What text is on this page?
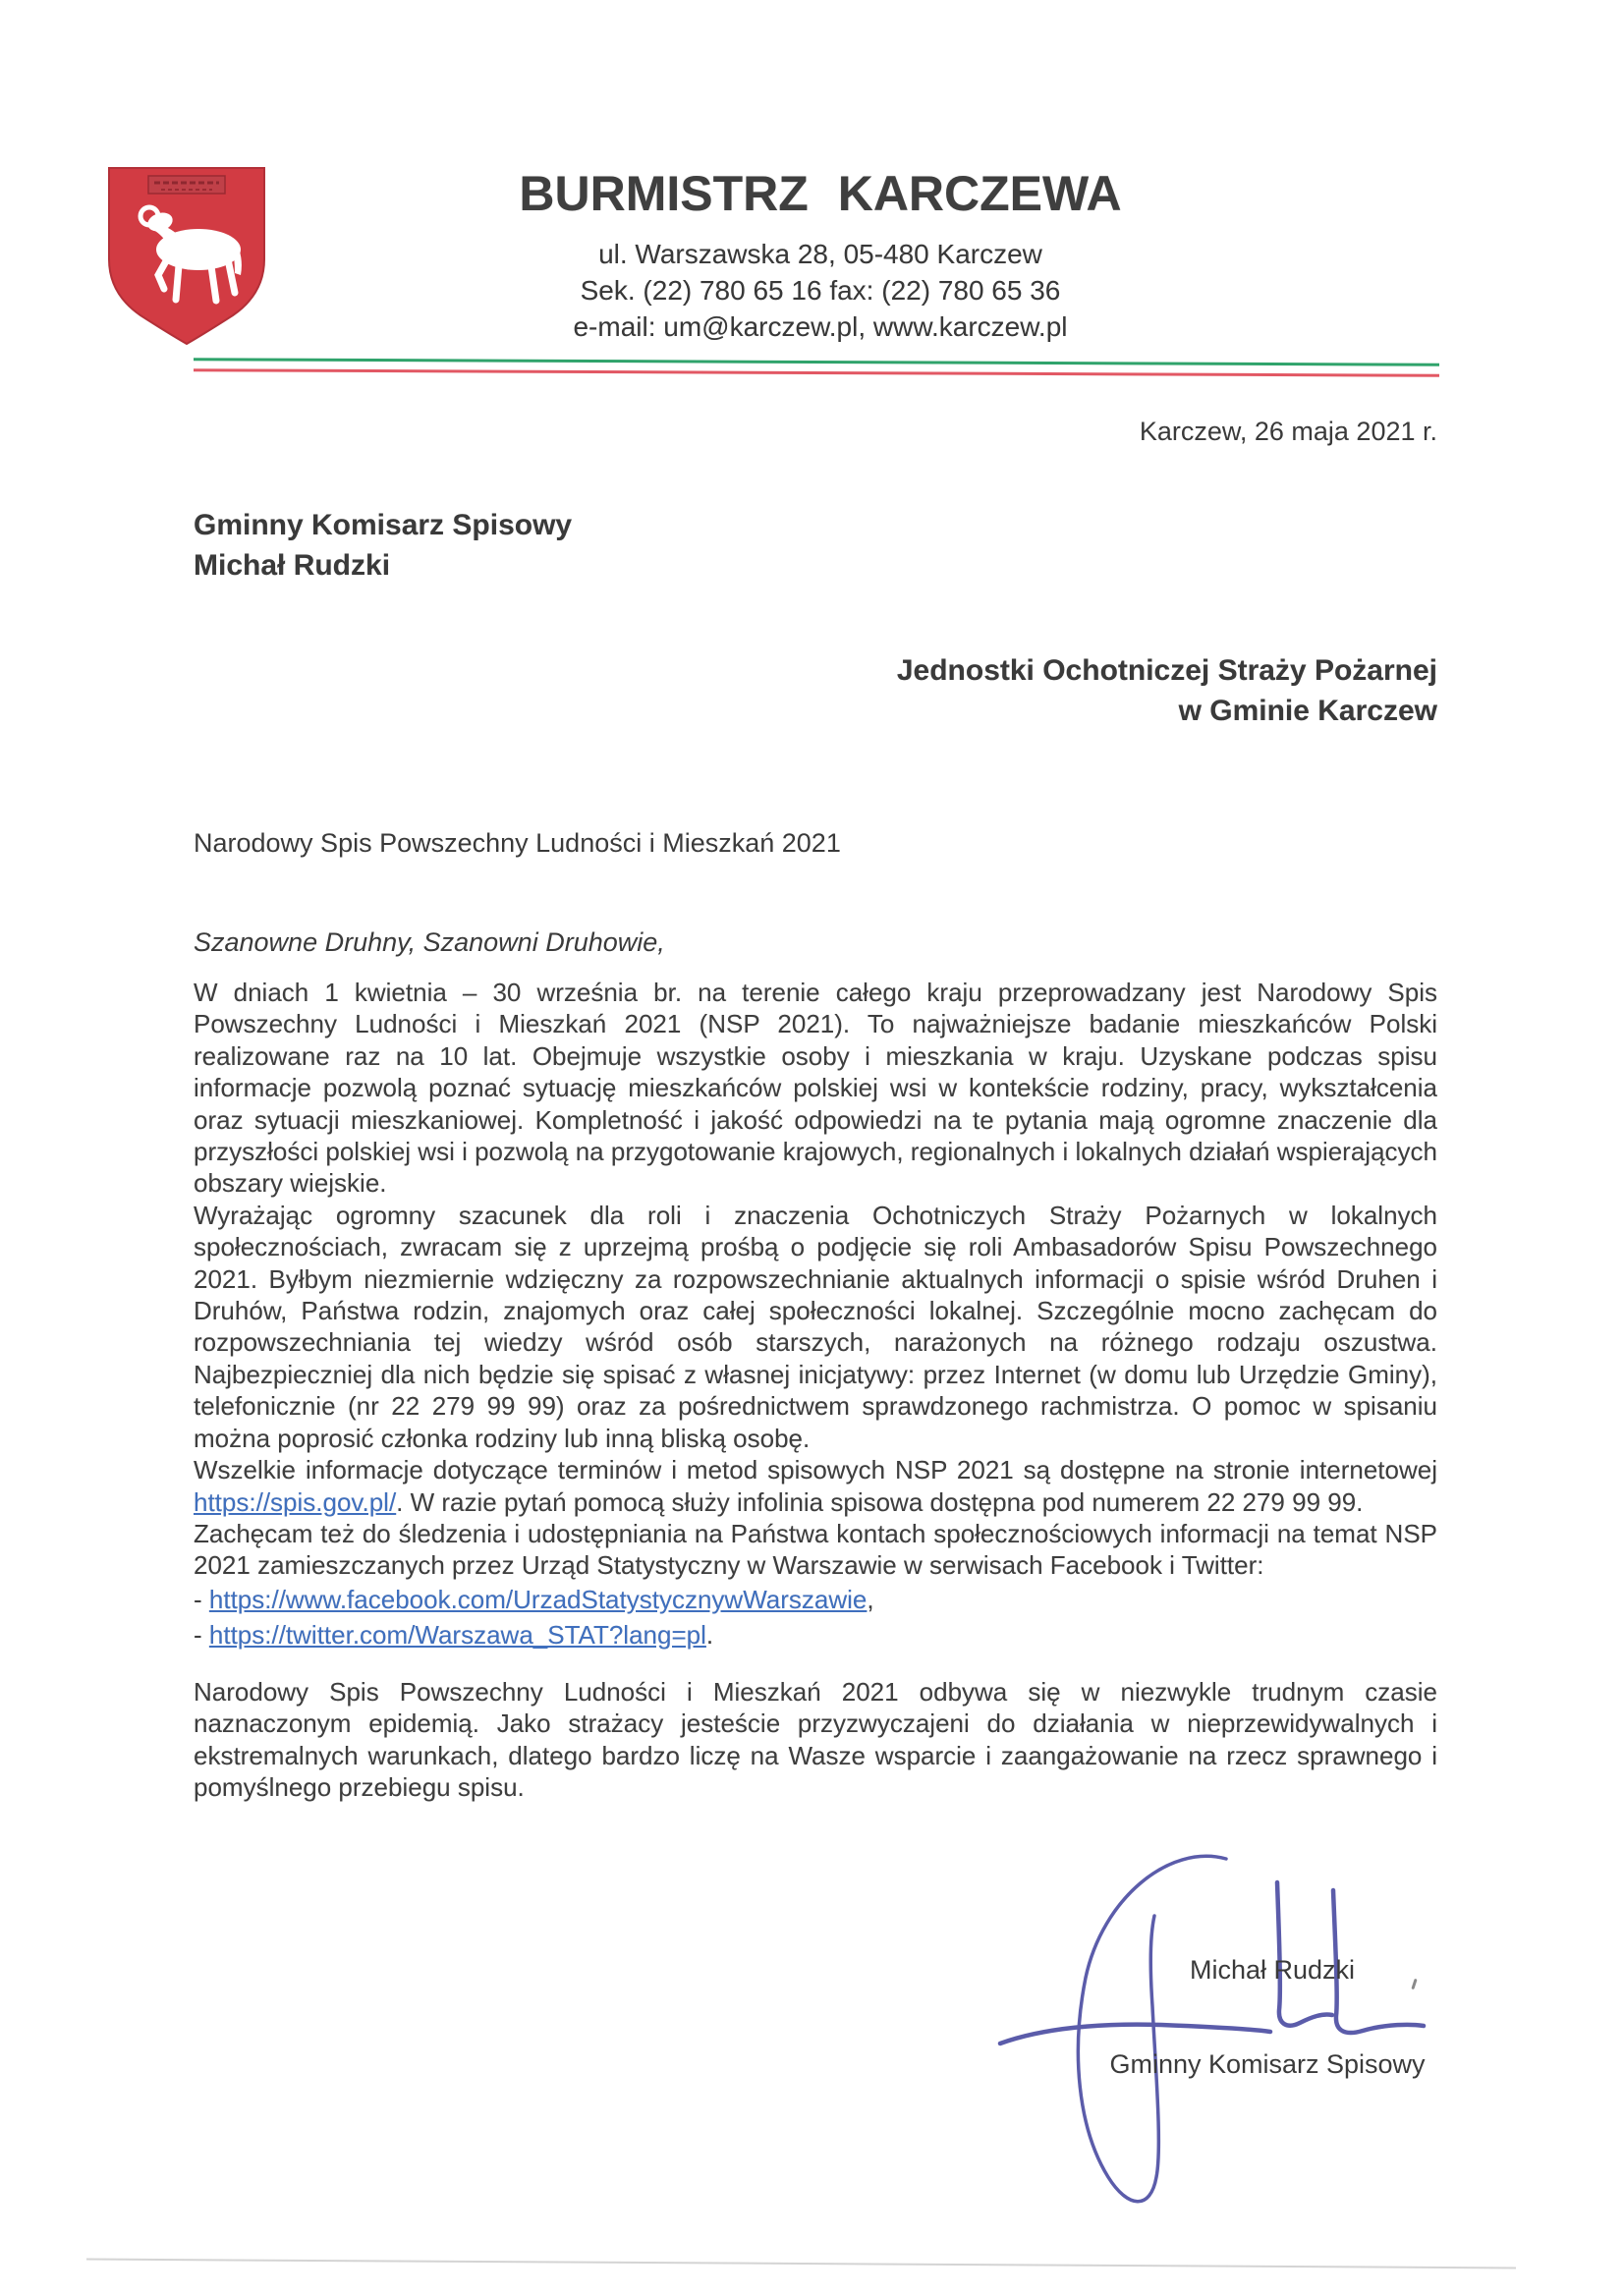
BURMISTRZ KARCZEWA
ul. Warszawska 28, 05-480 Karczew
Sek. (22) 780 65 16 fax: (22) 780 65 36
e-mail: um@karczew.pl, www.karczew.pl
Karczew, 26 maja 2021 r.
Gminny Komisarz Spisowy
Michał Rudzki
Jednostki Ochotniczej Straży Pożarnej
w Gminie Karczew
Narodowy Spis Powszechny Ludności i Mieszkań 2021
Szanowne Druhny, Szanowni Druhowie,

W dniach 1 kwietnia – 30 września br. na terenie całego kraju przeprowadzany jest Narodowy Spis Powszechny Ludności i Mieszkań 2021 (NSP 2021). To najważniejsze badanie mieszkańców Polski realizowane raz na 10 lat. Obejmuje wszystkie osoby i mieszkania w kraju. Uzyskane podczas spisu informacje pozwolą poznać sytuację mieszkańców polskiej wsi w kontekście rodziny, pracy, wykształcenia oraz sytuacji mieszkaniowej. Kompletność i jakość odpowiedzi na te pytania mają ogromne znaczenie dla przyszłości polskiej wsi i pozwolą na przygotowanie krajowych, regionalnych i lokalnych działań wspierających obszary wiejskie.

Wyrażając ogromny szacunek dla roli i znaczenia Ochotniczych Straży Pożarnych w lokalnych społecznościach, zwracam się z uprzejmą prośbą o podjęcie się roli Ambasadorów Spisu Powszechnego 2021. Byłbym niezmiernie wdzięczny za rozpowszechnianie aktualnych informacji o spisie wśród Druhen i Druhów, Państwa rodzin, znajomych oraz całej społeczności lokalnej. Szczególnie mocno zachęcam do rozpowszechniania tej wiedzy wśród osób starszych, narażonych na różnego rodzaju oszustwa. Najbezpieczniej dla nich będzie się spisać z własnej inicjatywy: przez Internet (w domu lub Urzędzie Gminy), telefonicznie (nr 22 279 99 99) oraz za pośrednictwem sprawdzonego rachmistrza. O pomoc w spisaniu można poprosić członka rodziny lub inną bliską osobę.

Wszelkie informacje dotyczące terminów i metod spisowych NSP 2021 są dostępne na stronie internetowej https://spis.gov.pl/. W razie pytań pomocą służy infolinia spisowa dostępna pod numerem 22 279 99 99.

Zachęcam też do śledzenia i udostępniania na Państwa kontach społecznościowych informacji na temat NSP 2021 zamieszczanych przez Urząd Statystyczny w Warszawie w serwisach Facebook i Twitter:

- https://www.facebook.com/UrzadStatystycznywWarszawie,
- https://twitter.com/Warszawa_STAT?lang=pl.

Narodowy Spis Powszechny Ludności i Mieszkań 2021 odbywa się w niezwykle trudnym czasie naznaczonym epidemią. Jako strażacy jesteście przyzwyczajeni do działania w nieprzewidywalnych i ekstremalnych warunkach, dlatego bardzo liczę na Wasze wsparcie i zaangażowanie na rzecz sprawnego i pomyślnego przebiegu spisu.

Michał Rudzki
Gminny Komisarz Spisowy
